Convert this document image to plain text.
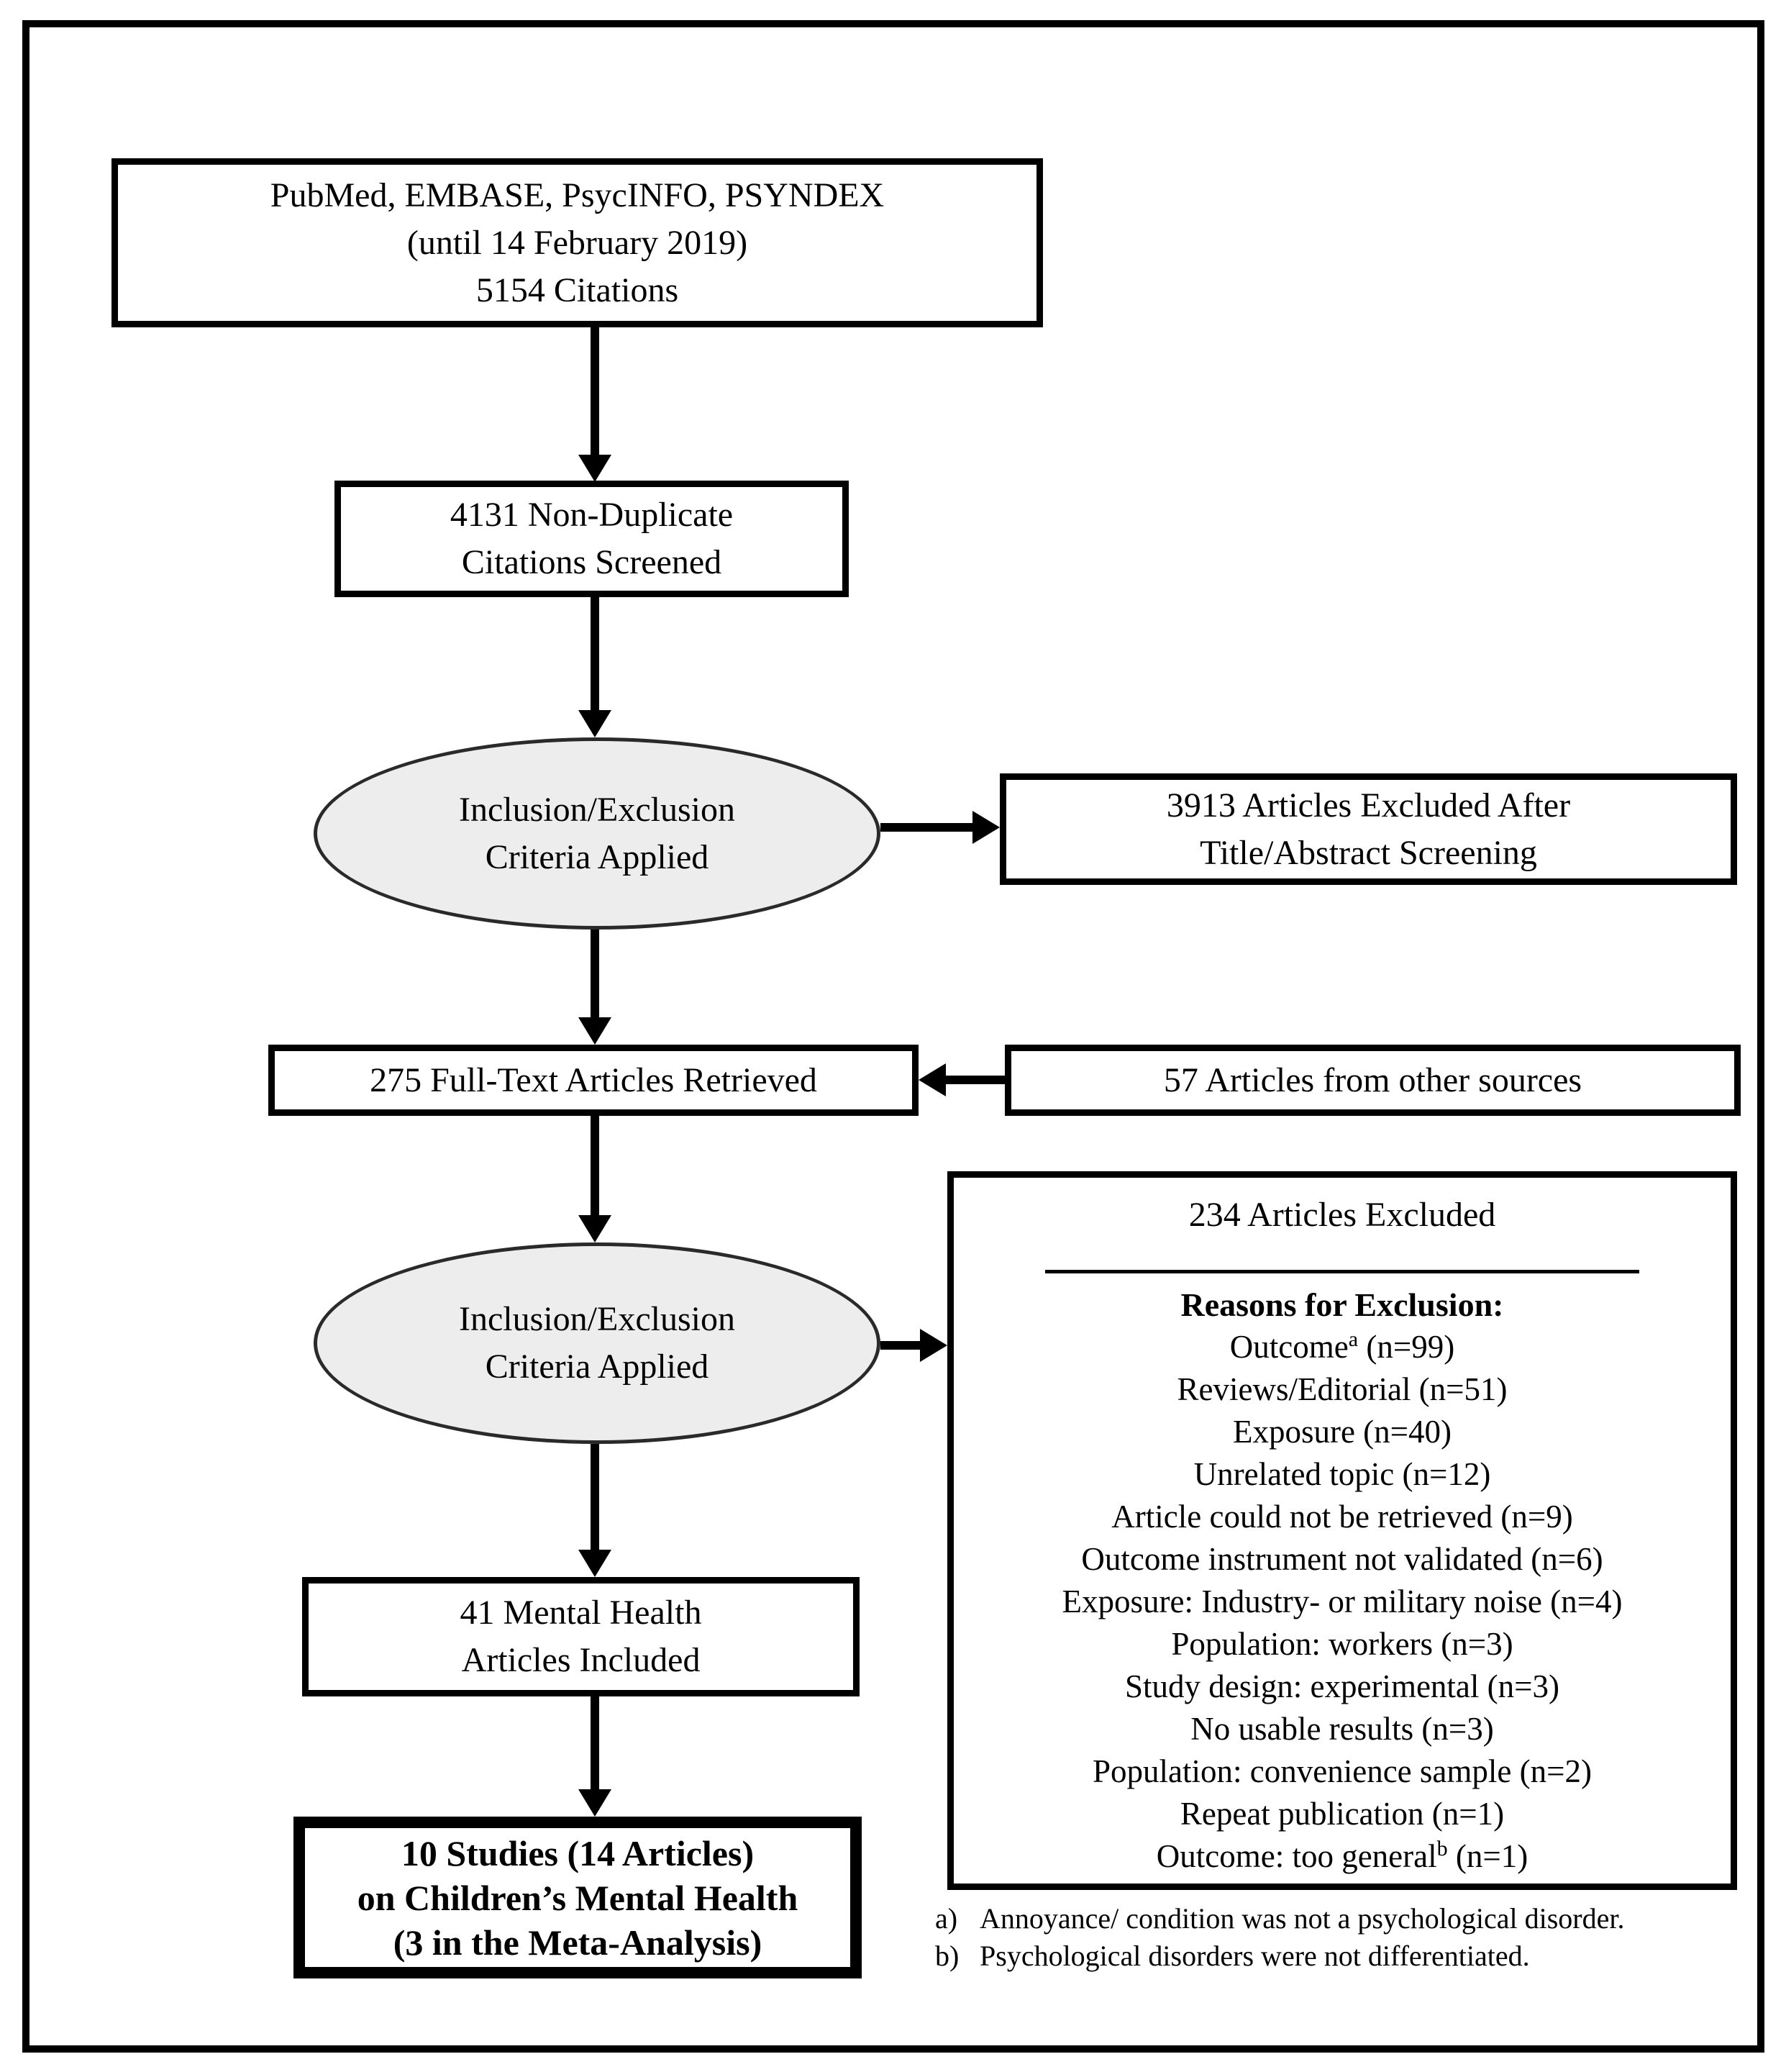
PubMed, EMBASE, PsycINFO, PSYNDEX
(until 14 February 2019)
5154 Citations
4131 Non-Duplicate
Citations Screened
Inclusion/Exclusion
Criteria Applied
3913 Articles Excluded After
Title/Abstract Screening
275 Full-Text Articles Retrieved	57 Articles from other sources
Inclusion/Exclusion
Criteria Applied
234 Articles Excluded
Reasons for Exclusion:
Outcome$^a$ (n=99)
Reviews/Editorial (n=51)
Exposure (n=40)
Unrelated topic (n=12)
Article could not be retrieved (n=9)
Outcome instrument not validated (n=6)
Exposure: Industry- or military noise (n=4)
Population: workers (n=3)
Study design: experimental (n=3)
No usable results (n=3)
Population: convenience sample (n=2)
Repeat publication (n=1)
Outcome: too general$^b$ (n=1)
41 Mental Health
Articles Included
10 Studies (14 Articles)
on Children’s Mental Health
(3 in the Meta-Analysis)
a) Annoyance/ condition was not a psychological disorder.
b) Psychological disorders were not differentiated.
